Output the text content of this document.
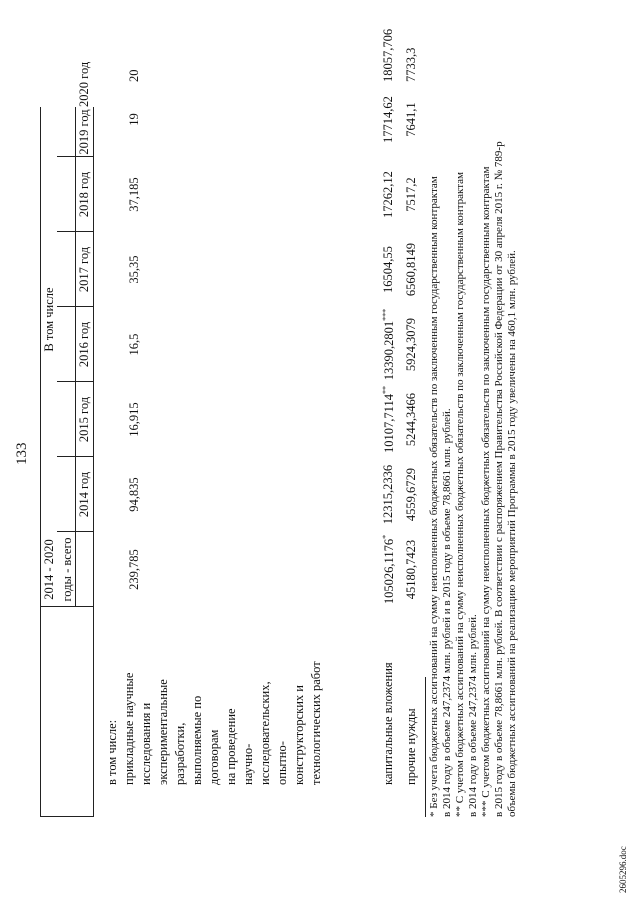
133
2014 - 2020 годы - всего
В том числе
2014 год
2015 год
2016 год
2017 год
2018 год
2019 год
2020 год
в том числе: прикладные научные исследования и экспериментальные разработки, выполняемые по договорам на проведение научно- исследовательских, опытно- конструкторских и технологических работ	капитальные вложения прочие нужды
239,785
94,835
16,915
16,5
35,35
37,185
19
20
105026,1176*
12315,2336
10107,7114**
13390,2801***
16504,55
17262,12
17714,62
18057,706
45180,7423
4559,6729
5244,3466
5924,3079
6560,8149
7517,2
7641,1
7733,3
* Без учета бюджетных ассигнований на сумму неисполненных бюджетных обязательств по заключенным государственным контрактам в 2014 году в объеме 247,2374 млн. рублей и в 2015 году в объеме 78,8661 млн. рублей. ** С учетом бюджетных ассигнований на сумму неисполненных бюджетных обязательств по заключенным государственным контрактам в 2014 году в объеме 247,2374 млн. рублей. *** С учетом бюджетных ассигнований на сумму неисполненных бюджетных обязательств по заключенным государственным контрактам в 2015 году в объеме 78,8661 млн. рублей. В соответствии с распоряжением Правительства Российской Федерации от 30 апреля 2015 г. № 789-р объемы бюджетных ассигнований на реализацию мероприятий Программы в 2015 году увеличены на 460,1 млн. рублей.
2605296.doc
